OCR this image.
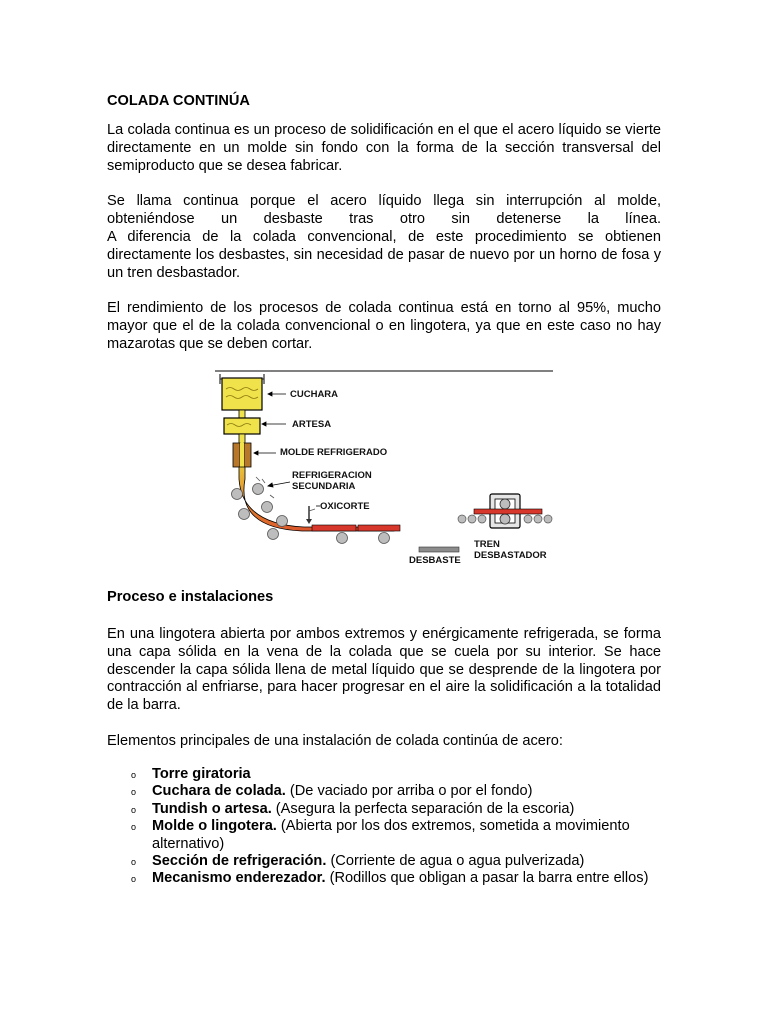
COLADA CONTINÚA
La colada continua es un proceso de solidificación en el que el acero líquido se vierte directamente en un molde sin fondo con la forma de la sección transversal del semiproducto que se desea fabricar.
Se llama continua porque el acero líquido llega sin interrupción al molde, obteniéndose un desbaste tras otro sin detenerse la línea.
A diferencia de la colada convencional, de este procedimiento se obtienen directamente los desbastes, sin necesidad de pasar de nuevo por un horno de fosa y un tren desbastador.
El rendimiento de los procesos de colada continua está en torno al 95%, mucho mayor que el de la colada convencional o en lingotera, ya que en este caso no hay mazarotas que se deben cortar.
CUCHARA
ARTESA
MOLDE REFRIGERADO
REFRIGERACION
SECUNDARIA
OXICORTE
DESBASTE
TREN
DESBASTADOR
Proceso e instalaciones
En una lingotera abierta por ambos extremos y enérgicamente refrigerada, se forma una capa sólida en la vena de la colada que se cuela por su interior. Se hace descender la capa sólida llena de metal líquido que se desprende de la lingotera por contracción al enfriarse, para hacer progresar en el aire la solidificación a la totalidad de la barra.
Elementos principales de una instalación de colada continúa de acero:
o Torre giratoria
o Cuchara de colada. (De vaciado por arriba o por el fondo)
o Tundish o artesa. (Asegura la perfecta separación de la escoria)
o Molde o lingotera. (Abierta por los dos extremos, sometida a movimiento alternativo)
o Sección de refrigeración. (Corriente de agua o agua pulverizada)
o Mecanismo enderezador. (Rodillos que obligan a pasar la barra entre ellos)
